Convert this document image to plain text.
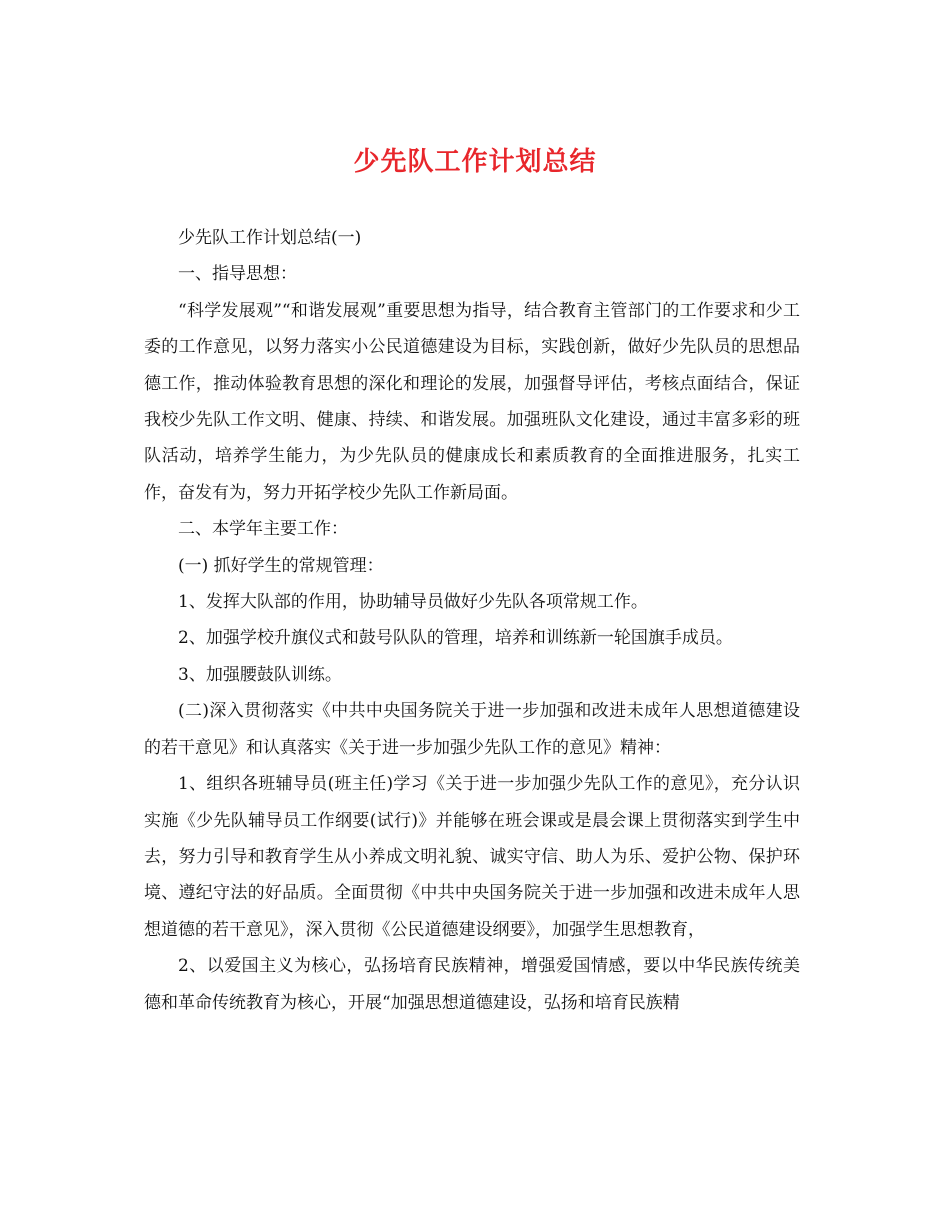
少先队工作计划总结

少先队工作计划总结(一)

一、指导思想：

“科学发展观”“和谐发展观”重要思想为指导，结合教育主管部门的工作要求和少工委的工作意见，以努力落实小公民道德建设为目标，实践创新，做好少先队员的思想品德工作，推动体验教育思想的深化和理论的发展，加强督导评估，考核点面结合，保证我校少先队工作文明、健康、持续、和谐发展。加强班队文化建设，通过丰富多彩的班队活动，培养学生能力，为少先队员的健康成长和素质教育的全面推进服务，扎实工作，奋发有为，努力开拓学校少先队工作新局面。

二、本学年主要工作：

(一) 抓好学生的常规管理：

1、发挥大队部的作用，协助辅导员做好少先队各项常规工作。

2、加强学校升旗仪式和鼓号队队的管理，培养和训练新一轮国旗手成员。

3、加强腰鼓队训练。

(二)深入贯彻落实《中共中央国务院关于进一步加强和改进未成年人思想道德建设的若干意见》和认真落实《关于进一步加强少先队工作的意见》精神：

1、组织各班辅导员(班主任)学习《关于进一步加强少先队工作的意见》，充分认识实施《少先队辅导员工作纲要(试行)》并能够在班会课或是晨会课上贯彻落实到学生中去，努力引导和教育学生从小养成文明礼貌、诚实守信、助人为乐、爱护公物、保护环境、遵纪守法的好品质。全面贯彻《中共中央国务院关于进一步加强和改进未成年人思想道德的若干意见》，深入贯彻《公民道德建设纲要》，加强学生思想教育，

2、以爱国主义为核心，弘扬培育民族精神，增强爱国情感，要以中华民族传统美德和革命传统教育为核心，开展“加强思想道德建设，弘扬和培育民族精
